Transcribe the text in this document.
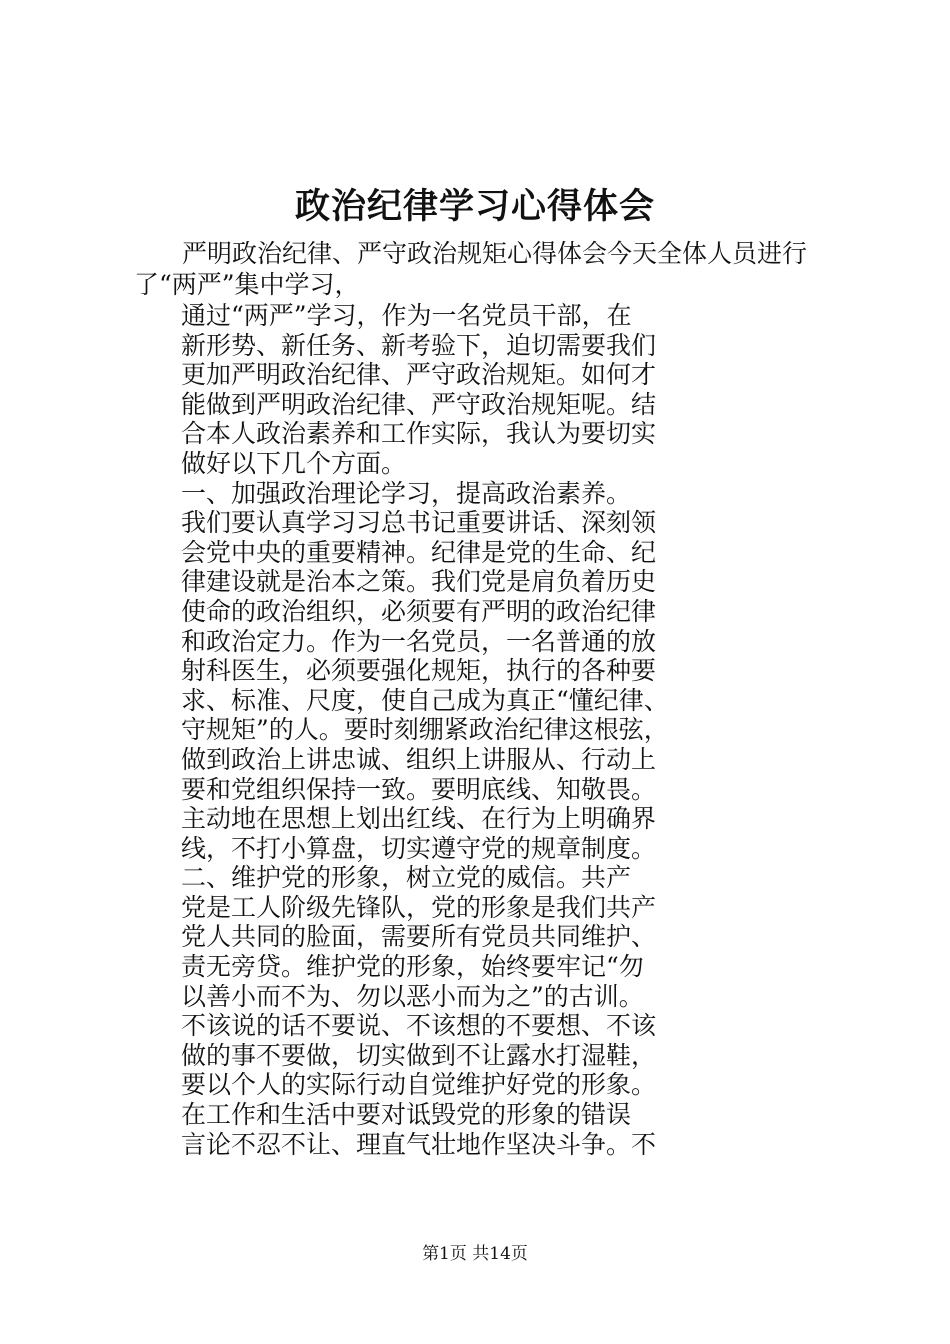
政治纪律学习心得体会

严明政治纪律、严守政治规矩心得体会今天全体人员进行了“两严”集中学习，

通过“两严”学习，作为一名党员干部，在
新形势、新任务、新考验下，迫切需要我们
更加严明政治纪律、严守政治规矩。如何才
能做到严明政治纪律、严守政治规矩呢。结
合本人政治素养和工作实际，我认为要切实
做好以下几个方面。
一、加强政治理论学习，提高政治素养。
我们要认真学习习总书记重要讲话、深刻领
会党中央的重要精神。纪律是党的生命、纪
律建设就是治本之策。我们党是肩负着历史
使命的政治组织，必须要有严明的政治纪律
和政治定力。作为一名党员，一名普通的放
射科医生，必须要强化规矩，执行的各种要
求、标准、尺度，使自己成为真正“懂纪律、
守规矩”的人。要时刻绷紧政治纪律这根弦，
做到政治上讲忠诚、组织上讲服从、行动上
要和党组织保持一致。要明底线、知敬畏。
主动地在思想上划出红线、在行为上明确界
线，不打小算盘，切实遵守党的规章制度。
二、维护党的形象，树立党的威信。共产
党是工人阶级先锋队，党的形象是我们共产
党人共同的脸面，需要所有党员共同维护、
责无旁贷。维护党的形象，始终要牢记“勿
以善小而不为、勿以恶小而为之”的古训。
不该说的话不要说、不该想的不要想、不该
做的事不要做，切实做到不让露水打湿鞋，
要以个人的实际行动自觉维护好党的形象。
在工作和生活中要对诋毁党的形象的错误
言论不忍不让、理直气壮地作坚决斗争。不
第1页 共14页
